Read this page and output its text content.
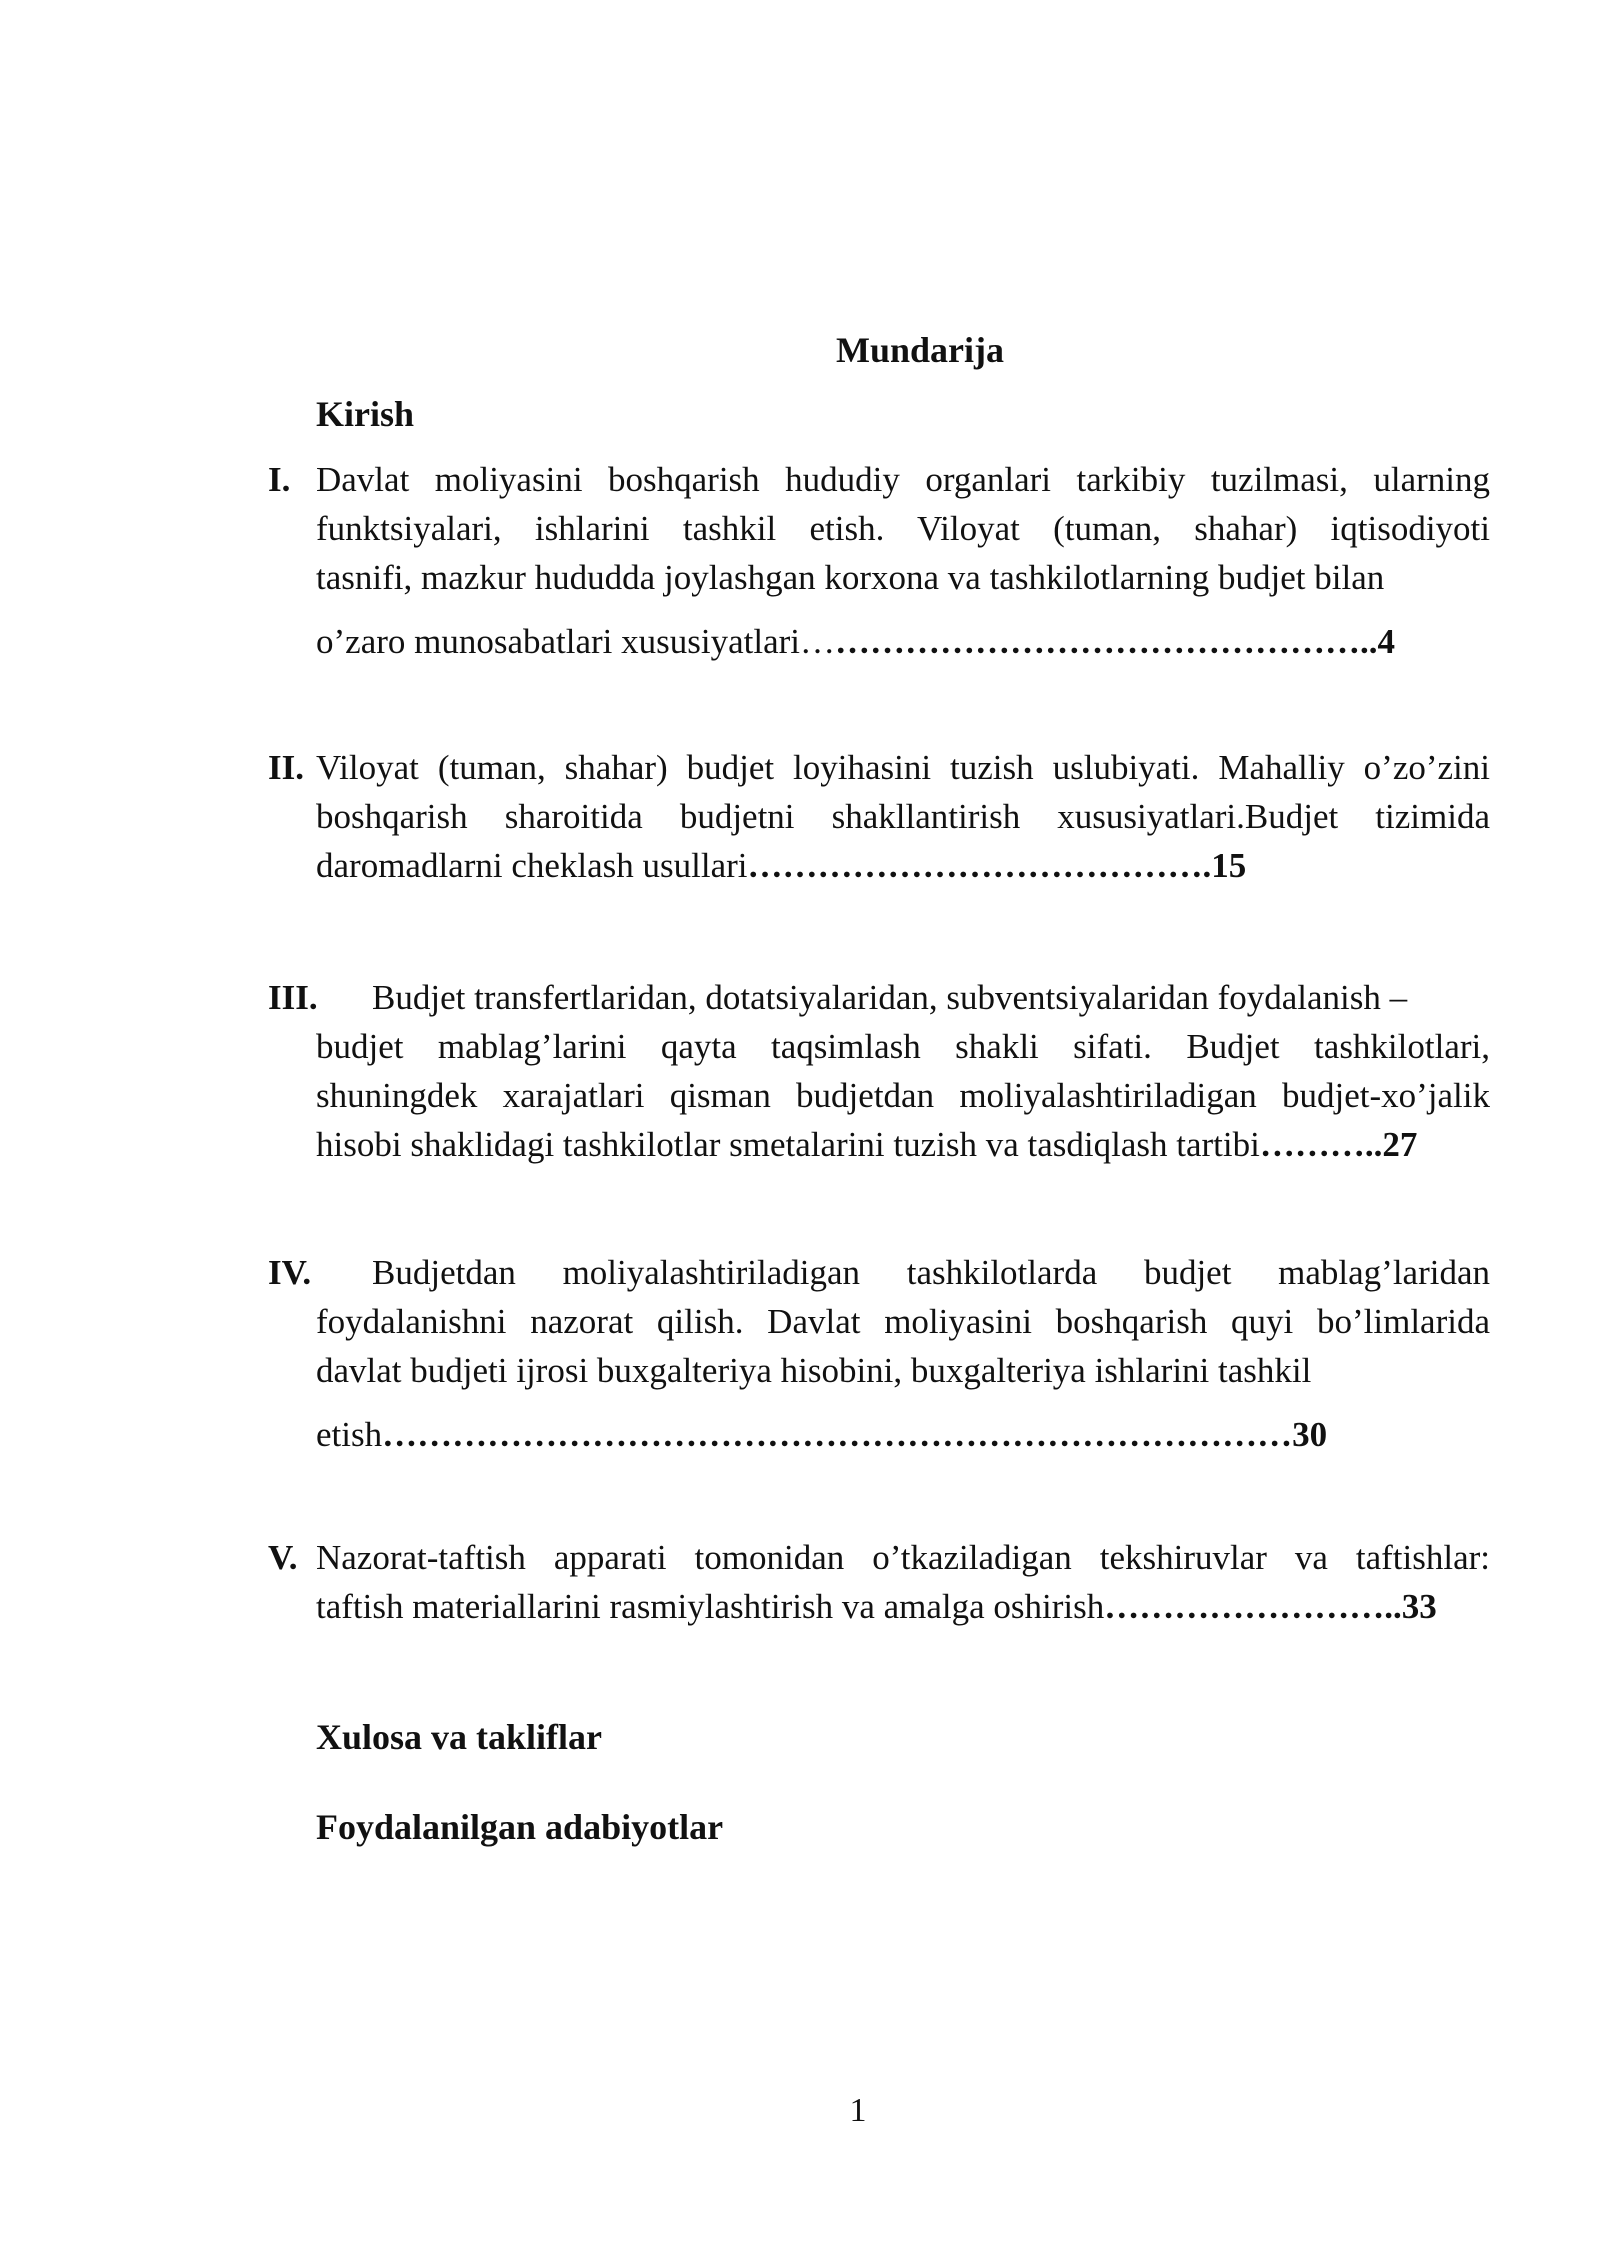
Mundarija
Kirish
I. Davlat moliyasini boshqarish hududiy organlari tarkibiy tuzilmasi, ularning
funktsiyalari, ishlarini tashkil etish. Viloyat (tuman, shahar) iqtisodiyoti
tasnifi, mazkur hududda joylashgan korxona va tashkilotlarning budjet bilan
o’zaro munosabatlari xususiyatlari…………………………………………..4
II. Viloyat (tuman, shahar) budjet loyihasini tuzish uslubiyati. Mahalliy o’zo’zini
boshqarish sharoitida budjetni shakllantirish xususiyatlari.Budjet tizimida
daromadlarni cheklash usullari………………………………….15
III. Budjet transfertlaridan, dotatsiyalaridan, subventsiyalaridan foydalanish –
budjet mablag’larini qayta taqsimlash shakli sifati. Budjet tashkilotlari,
shuningdek xarajatlari qisman budjetdan moliyalashtiriladigan budjet-xo’jalik
hisobi shaklidagi tashkilotlar smetalarini tuzish va tasdiqlash tartibi………..27
IV. Budjetdan moliyalashtiriladigan tashkilotlarda budjet mablag’laridan
foydalanishni nazorat qilish. Davlat moliyasini boshqarish quyi bo’limlarida
davlat budjeti ijrosi buxgalteriya hisobini, buxgalteriya ishlarini tashkil
etish……………………………………………………………………30
V. Nazorat-taftish apparati tomonidan o’tkaziladigan tekshiruvlar va taftishlar:
taftish materiallarini rasmiylashtirish va amalga oshirish……………………..33
Xulosa va takliflar
Foydalanilgan adabiyotlar
1
